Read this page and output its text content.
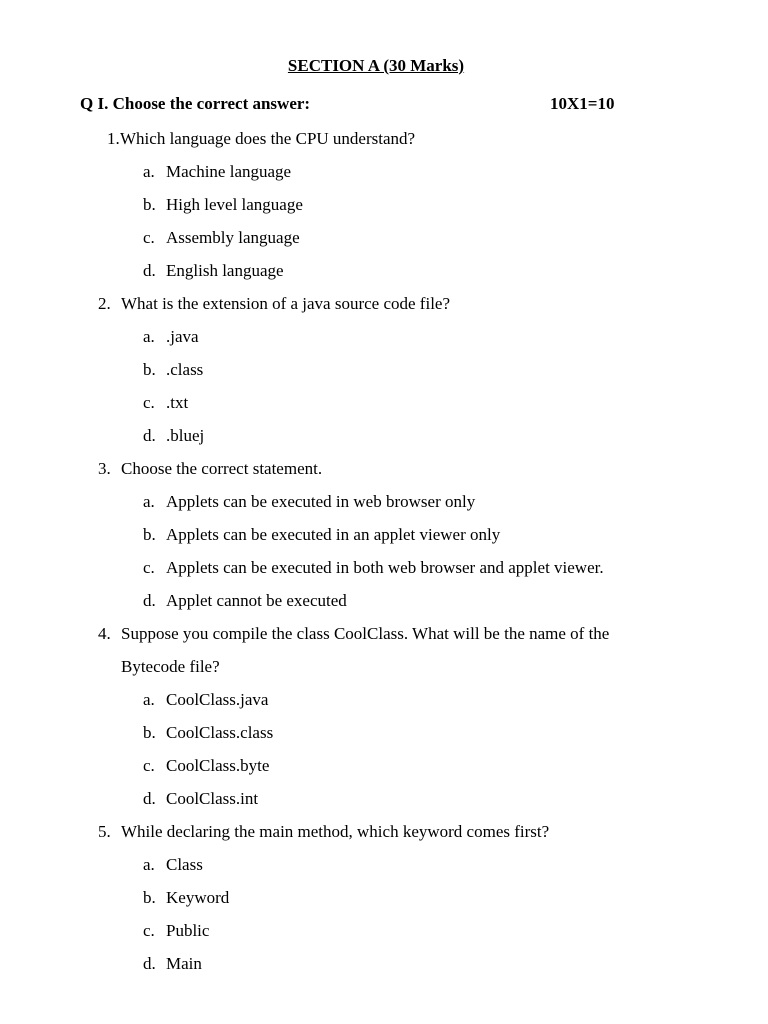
SECTION A (30 Marks)
Q I. Choose the correct answer:	10X1=10
1. Which language does the CPU understand?
a. Machine language
b. High level language
c. Assembly language
d. English language
2. What is the extension of a java source code file?
a. .java
b. .class
c. .txt
d. .bluej
3. Choose the correct statement.
a. Applets can be executed in web browser only
b. Applets can be executed in an applet viewer only
c. Applets can be executed in both web browser and applet viewer.
d. Applet cannot be executed
4. Suppose you compile the class CoolClass. What will be the name of the
Bytecode file?
a. CoolClass.java
b. CoolClass.class
c. CoolClass.byte
d. CoolClass.int
5. While declaring the main method, which keyword comes first?
a. Class
b. Keyword
c. Public
d. Main
